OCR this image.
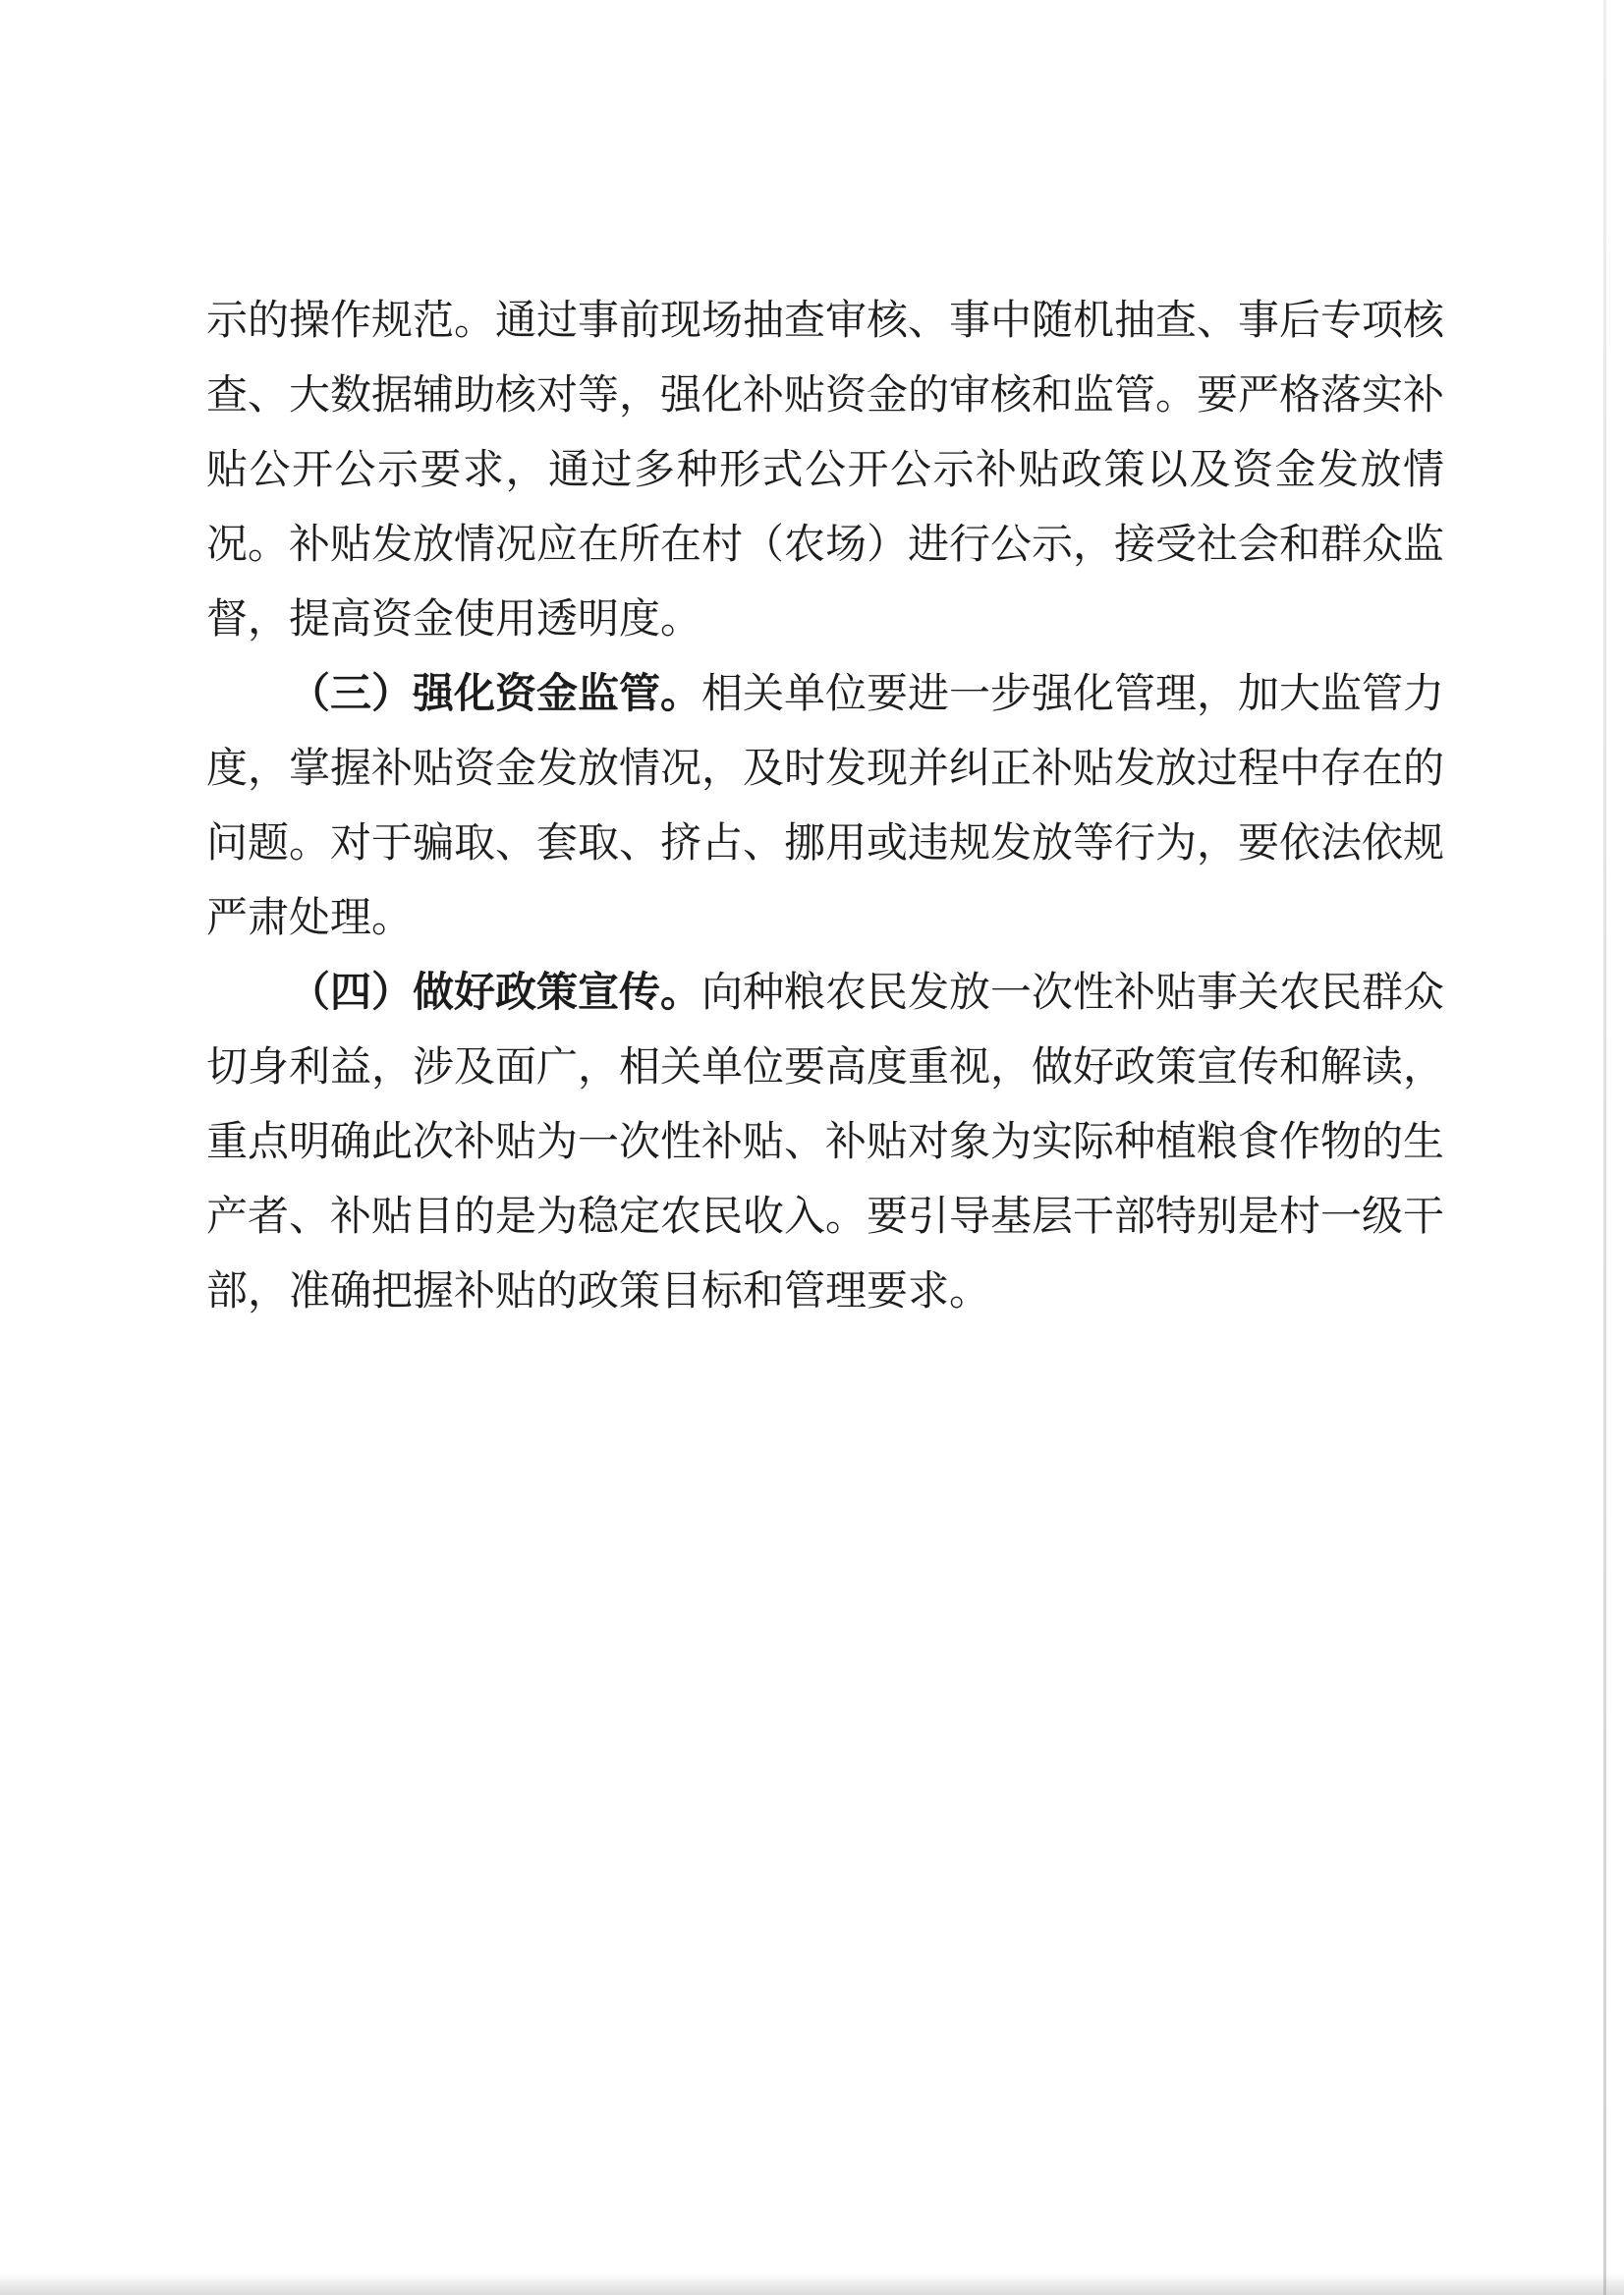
示的操作规范。通过事前现场抽查审核、事中随机抽查、事后专项核
查、大数据辅助核对等，强化补贴资金的审核和监管。要严格落实补
贴公开公示要求，通过多种形式公开公示补贴政策以及资金发放情
况。补贴发放情况应在所在村（农场）进行公示，接受社会和群众监
督，提高资金使用透明度。
（三）强化资金监管。相关单位要进一步强化管理，加大监管力
度，掌握补贴资金发放情况，及时发现并纠正补贴发放过程中存在的
问题。对于骗取、套取、挤占、挪用或违规发放等行为，要依法依规
严肃处理。
（四）做好政策宣传。向种粮农民发放一次性补贴事关农民群众
切身利益，涉及面广，相关单位要高度重视，做好政策宣传和解读，
重点明确此次补贴为一次性补贴、补贴对象为实际种植粮食作物的生
产者、补贴目的是为稳定农民收入。要引导基层干部特别是村一级干
部，准确把握补贴的政策目标和管理要求。
